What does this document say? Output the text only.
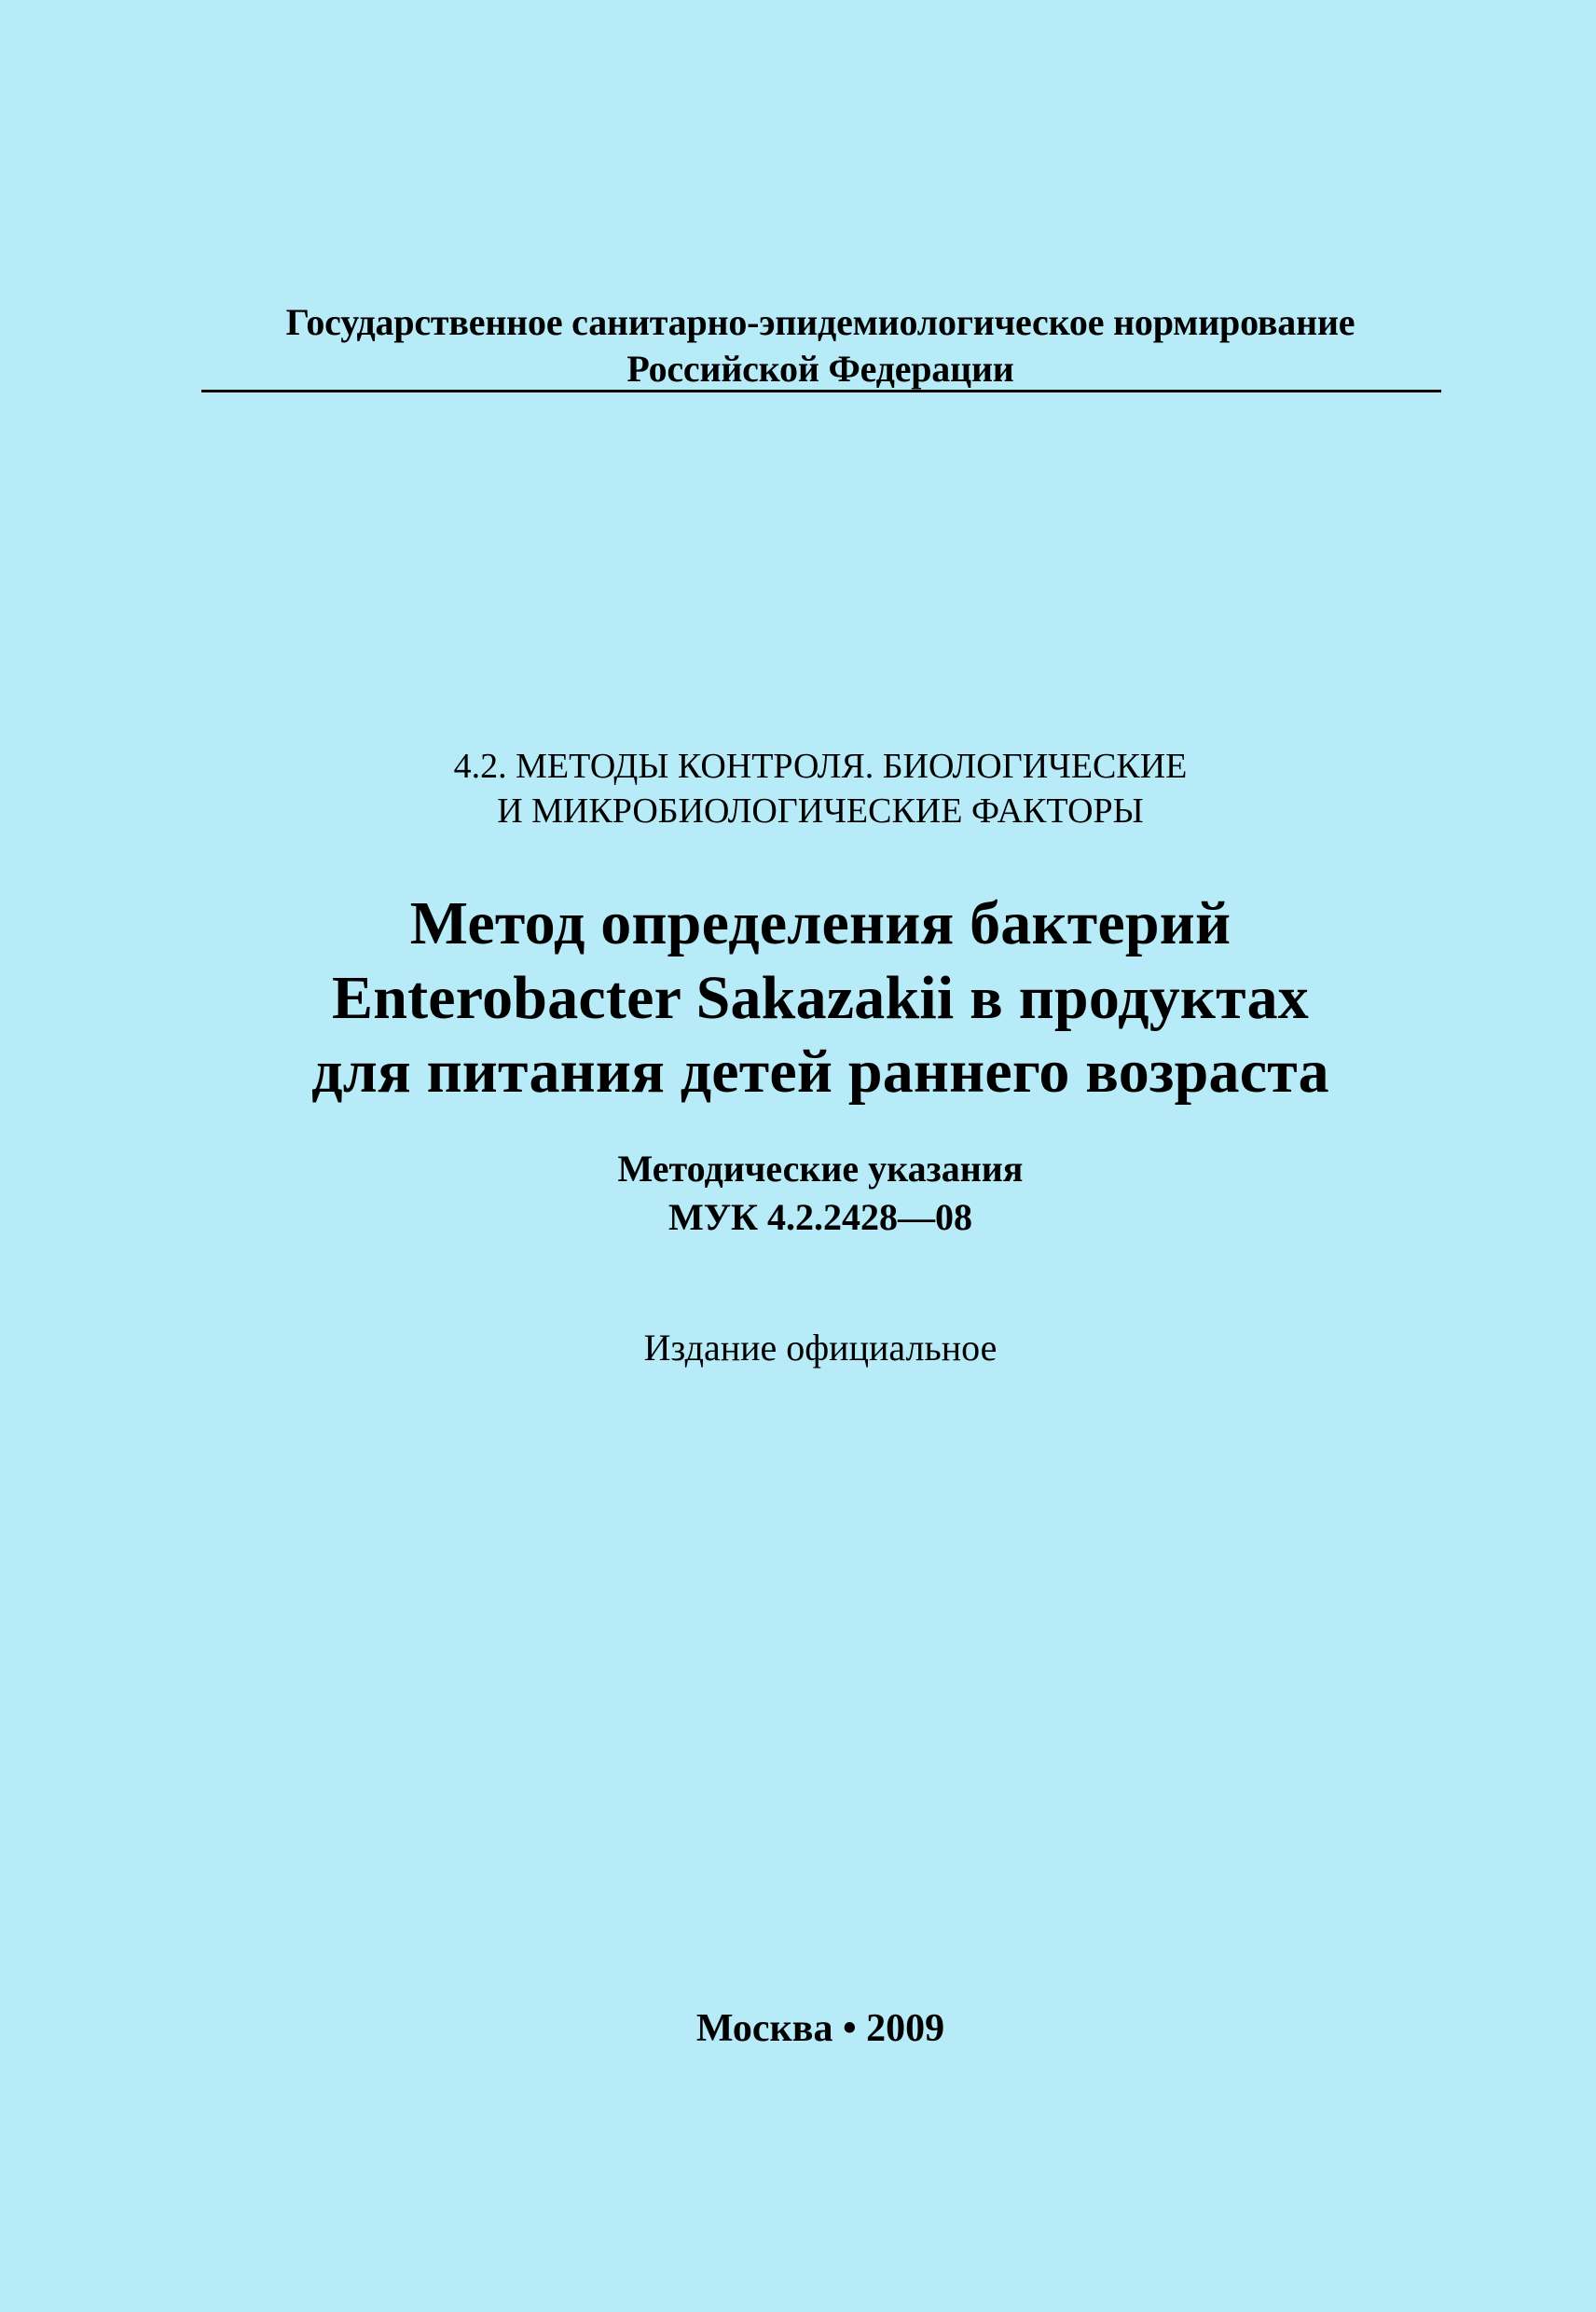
Государственное санитарно-эпидемиологическое нормирование
Российской Федерации
4.2. МЕТОДЫ КОНТРОЛЯ. БИОЛОГИЧЕСКИЕ
И МИКРОБИОЛОГИЧЕСКИЕ ФАКТОРЫ
Метод определения бактерий
Enterobacter Sakazakii в продуктах
для питания детей раннего возраста
Методические указания
МУК 4.2.2428—08
Издание официальное
Москва • 2009
